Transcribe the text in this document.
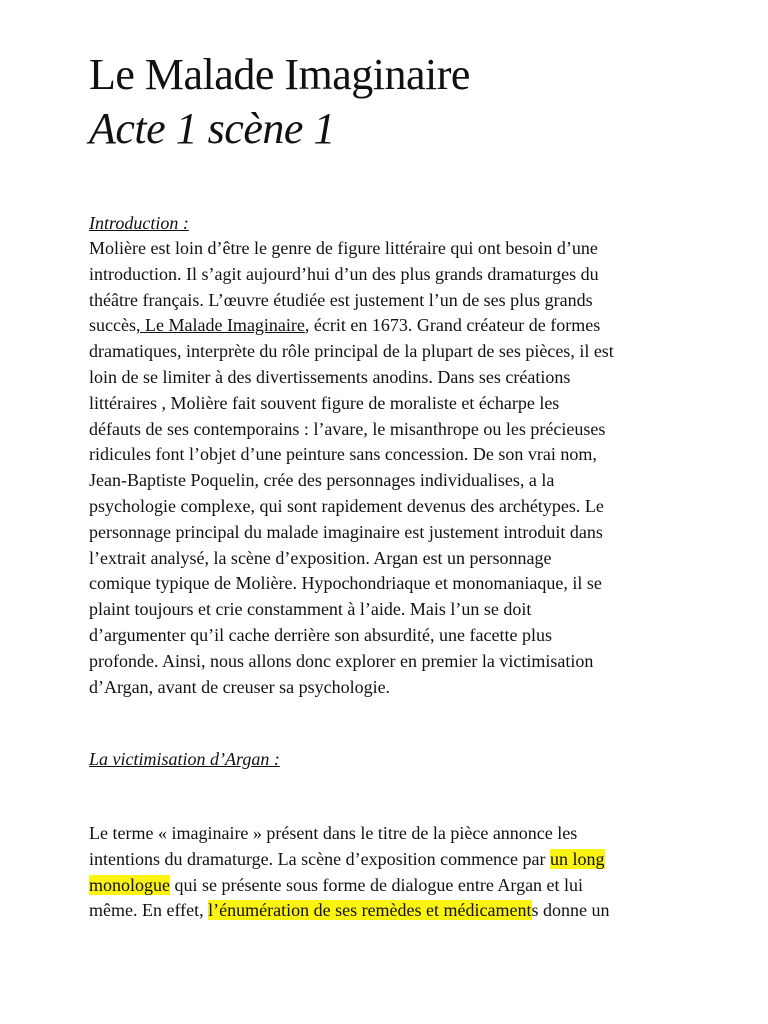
Le Malade Imaginaire
Acte 1 scène 1
Introduction :

Molière est loin d’être le genre de figure littéraire qui ont besoin d’une
introduction. Il s’agit aujourd’hui d’un des plus grands dramaturges du
théâtre français. L’œuvre étudiée est justement l’un de ses plus grands
succès, Le Malade Imaginaire, écrit en 1673. Grand créateur de formes
dramatiques, interprète du rôle principal de la plupart de ses pièces, il est
loin de se limiter à des divertissements anodins. Dans ses créations
littéraires , Molière fait souvent figure de moraliste et écharpe les
défauts de ses contemporains : l’avare, le misanthrope ou les précieuses
ridicules font l’objet d’une peinture sans concession. De son vrai nom,
Jean-Baptiste Poquelin, crée des personnages individualises, a la
psychologie complexe, qui sont rapidement devenus des archétypes. Le
personnage principal du malade imaginaire est justement introduit dans
l’extrait analysé, la scène d’exposition. Argan est un personnage
comique typique de Molière. Hypochondriaque et monomaniaque, il se
plaint toujours et crie constamment à l’aide. Mais l’un se doit
d’argumenter qu’il cache derrière son absurdité, une facette plus
profonde. Ainsi, nous allons donc explorer en premier la victimisation
d’Argan, avant de creuser sa psychologie.

La victimisation d’Argan :

Le terme « imaginaire » présent dans le titre de la pièce annonce les
intentions du dramaturge. La scène d’exposition commence par un long
monologue qui se présente sous forme de dialogue entre Argan et lui
même. En effet, l’énumération de ses remèdes et médicaments donne un
